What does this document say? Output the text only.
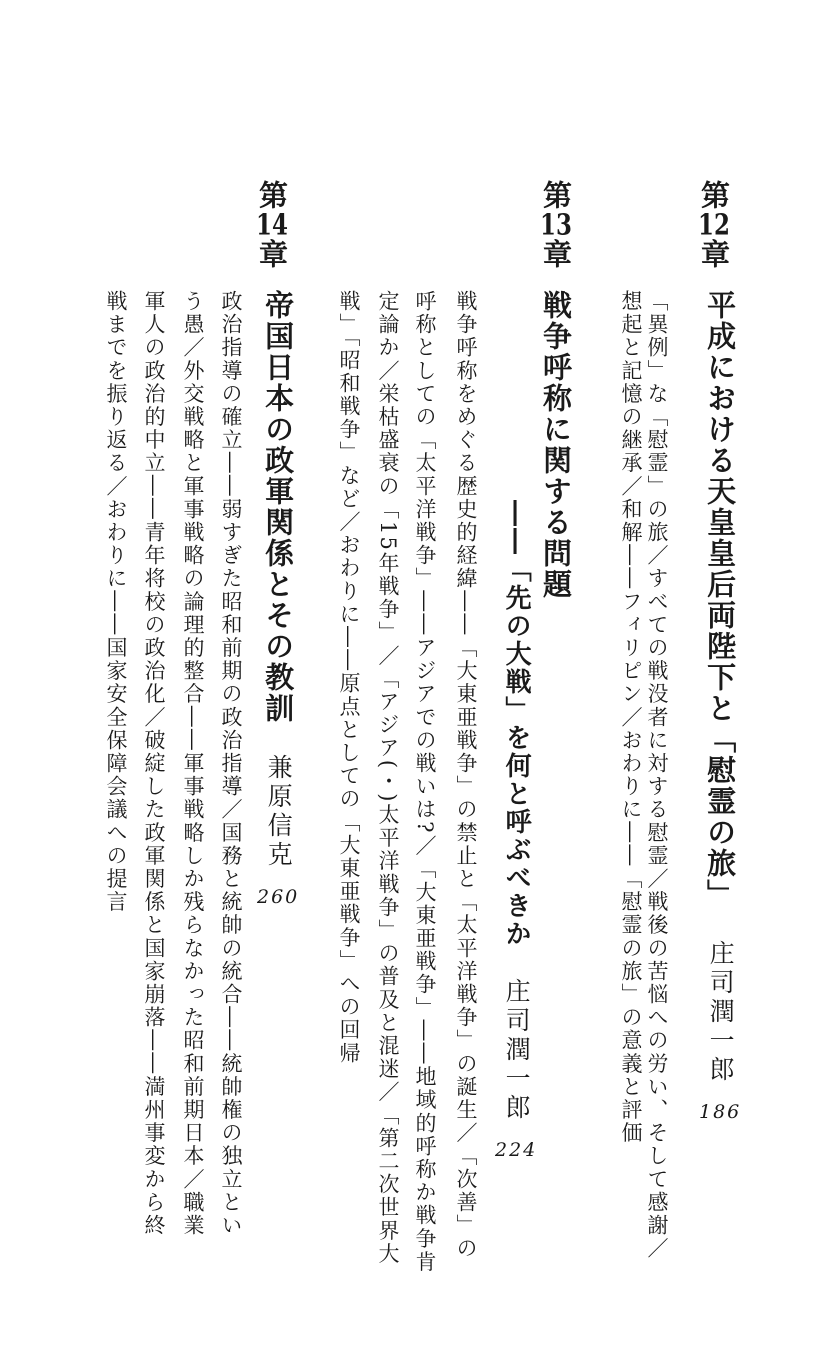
第12章
平成における天皇皇后両陛下と「慰霊の旅」庄司潤一郎186
「異例」な「慰霊」の旅／すべての戦没者に対する慰霊／戦後の苦悩への労い、そして感謝／
想起と記憶の継承／和解――フィリピン／おわりに――「慰霊の旅」の意義と評価
第13章
戦争呼称に関する問題
――「先の大戦」を何と呼ぶべきか庄司潤一郎224
戦争呼称をめぐる歴史的経緯――「大東亜戦争」の禁止と「太平洋戦争」の誕生／「次善」の
呼称としての「太平洋戦争」――アジアでの戦いは?／「大東亜戦争」――地域的呼称か戦争肯
定論か／栄枯盛衰の「15年戦争」／「アジア(・)太平洋戦争」の普及と混迷／「第二次世界大
戦」「昭和戦争」など／おわりに――原点としての「大東亜戦争」への回帰
第14章
帝国日本の政軍関係とその教訓兼原信克260
政治指導の確立――弱すぎた昭和前期の政治指導／国務と統帥の統合――統帥権の独立とい
う愚／外交戦略と軍事戦略の論理的整合――軍事戦略しか残らなかった昭和前期日本／職業
軍人の政治的中立――青年将校の政治化／破綻した政軍関係と国家崩落――満州事変から終
戦までを振り返る／おわりに――国家安全保障会議への提言
